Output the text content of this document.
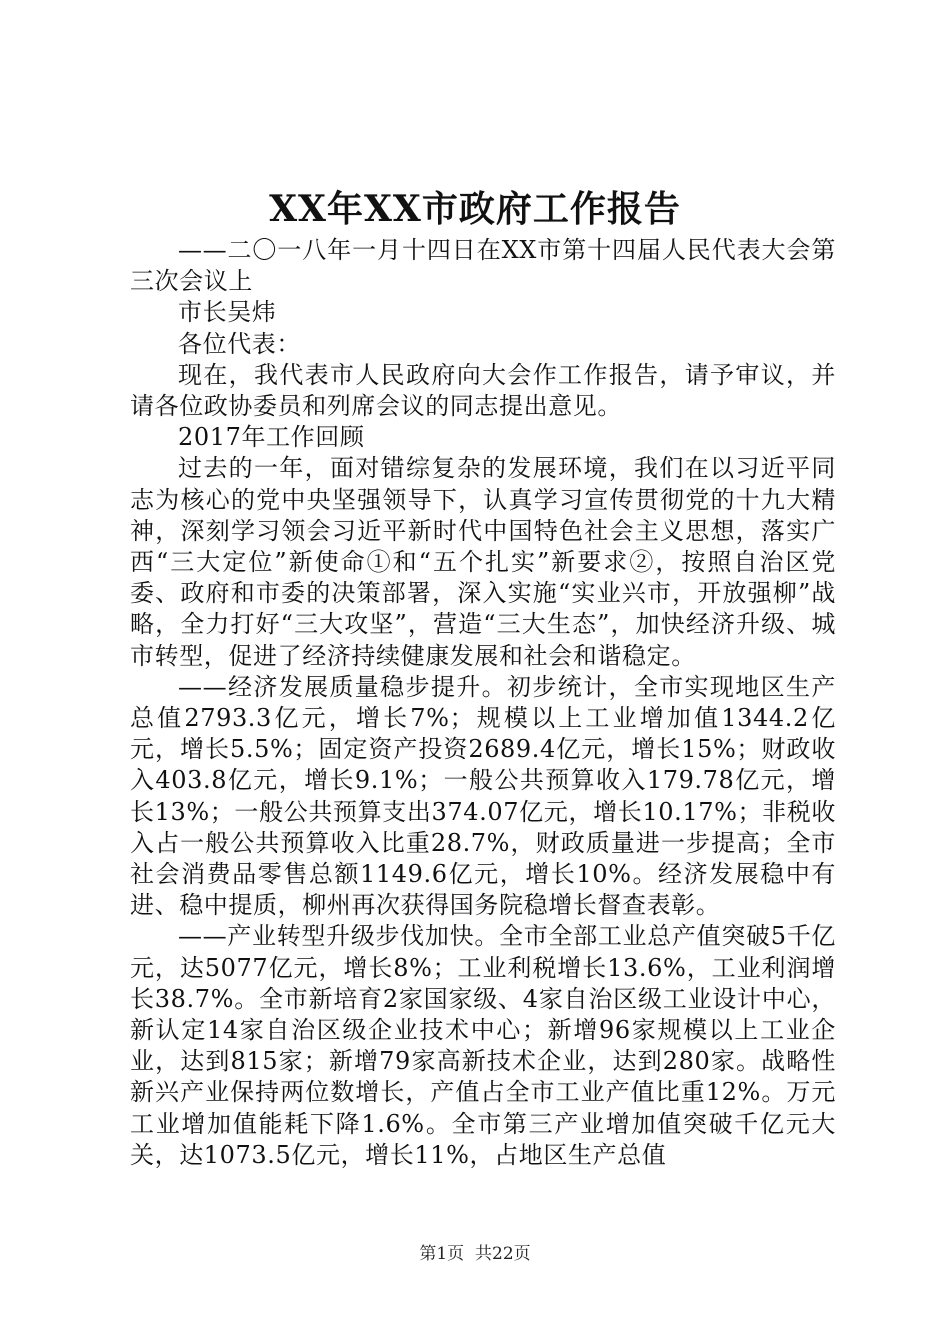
XX年XX市政府工作报告

——二〇一八年一月十四日在XX市第十四届人民代表大会第三次会议上

市长吴炜

各位代表：

现在，我代表市人民政府向大会作工作报告，请予审议，并请各位政协委员和列席会议的同志提出意见。

2017年工作回顾

过去的一年，面对错综复杂的发展环境，我们在以习近平同志为核心的党中央坚强领导下，认真学习宣传贯彻党的十九大精神，深刻学习领会习近平新时代中国特色社会主义思想，落实广西“三大定位”新使命①和“五个扎实”新要求②，按照自治区党委、政府和市委的决策部署，深入实施“实业兴市，开放强柳”战略，全力打好“三大攻坚”，营造“三大生态”，加快经济升级、城市转型，促进了经济持续健康发展和社会和谐稳定。

——经济发展质量稳步提升。初步统计，全市实现地区生产总值2793.3亿元，增长7%；规模以上工业增加值1344.2亿元，增长5.5%；固定资产投资2689.4亿元，增长15%；财政收入403.8亿元，增长9.1%；一般公共预算收入179.78亿元，增长13%；一般公共预算支出374.07亿元，增长10.17%；非税收入占一般公共预算收入比重28.7%，财政质量进一步提高；全市社会消费品零售总额1149.6亿元，增长10%。经济发展稳中有进、稳中提质，柳州再次获得国务院稳增长督查表彰。

——产业转型升级步伐加快。全市全部工业总产值突破5千亿元，达5077亿元，增长8%；工业利税增长13.6%，工业利润增长38.7%。全市新培育2家国家级、4家自治区级工业设计中心，新认定14家自治区级企业技术中心；新增96家规模以上工业企业，达到815家；新增79家高新技术企业，达到280家。战略性新兴产业保持两位数增长，产值占全市工业产值比重12%。万元工业增加值能耗下降1.6%。全市第三产业增加值突破千亿元大关，达1073.5亿元，增长11%，占地区生产总值

第1页 共22页
